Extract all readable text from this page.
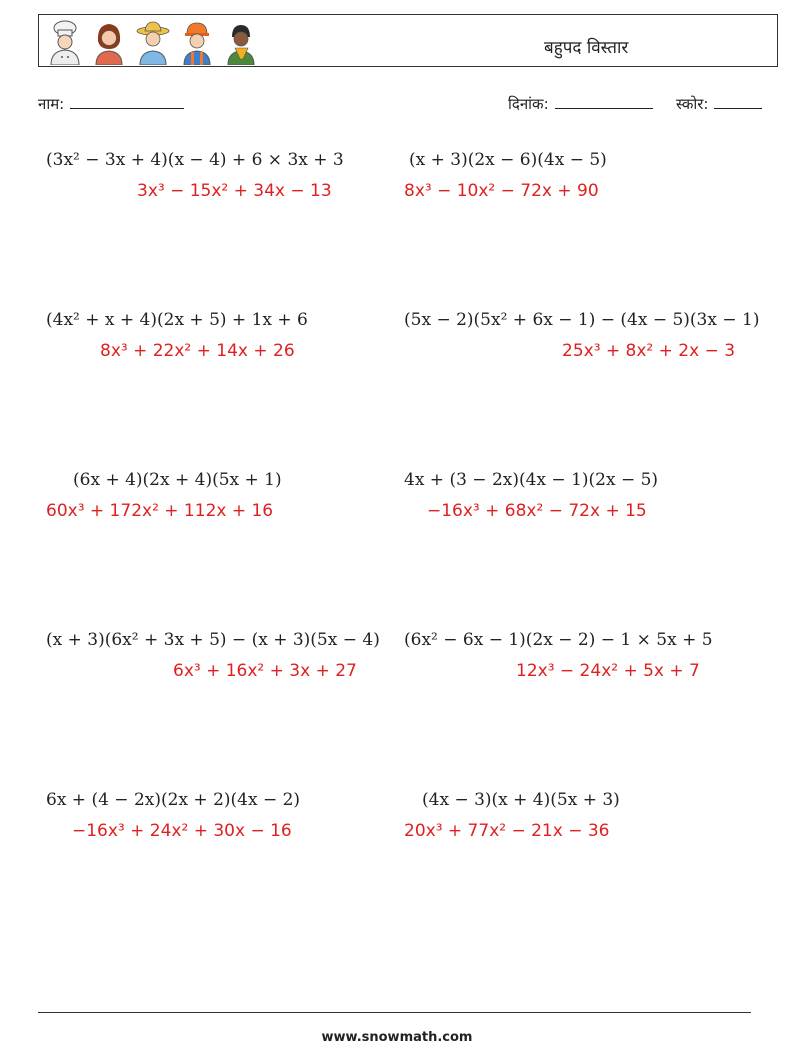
बहुपद विस्तार
नाम:	दिनांक:	स्कोर:
(3x² − 3x + 4)(x − 4) + 6 × 3x + 3
3x³ − 15x² + 34x − 13
(x + 3)(2x − 6)(4x − 5)
8x³ − 10x² − 72x + 90
(4x² + x + 4)(2x + 5) + 1x + 6
8x³ + 22x² + 14x + 26
(5x − 2)(5x² + 6x − 1) − (4x − 5)(3x − 1)
25x³ + 8x² + 2x − 3
(6x + 4)(2x + 4)(5x + 1)
60x³ + 172x² + 112x + 16
4x + (3 − 2x)(4x − 1)(2x − 5)
−16x³ + 68x² − 72x + 15
(x + 3)(6x² + 3x + 5) − (x + 3)(5x − 4)
6x³ + 16x² + 3x + 27
(6x² − 6x − 1)(2x − 2) − 1 × 5x + 5
12x³ − 24x² + 5x + 7
6x + (4 − 2x)(2x + 2)(4x − 2)
−16x³ + 24x² + 30x − 16
(4x − 3)(x + 4)(5x + 3)
20x³ + 77x² − 21x − 36
www.snowmath.com
